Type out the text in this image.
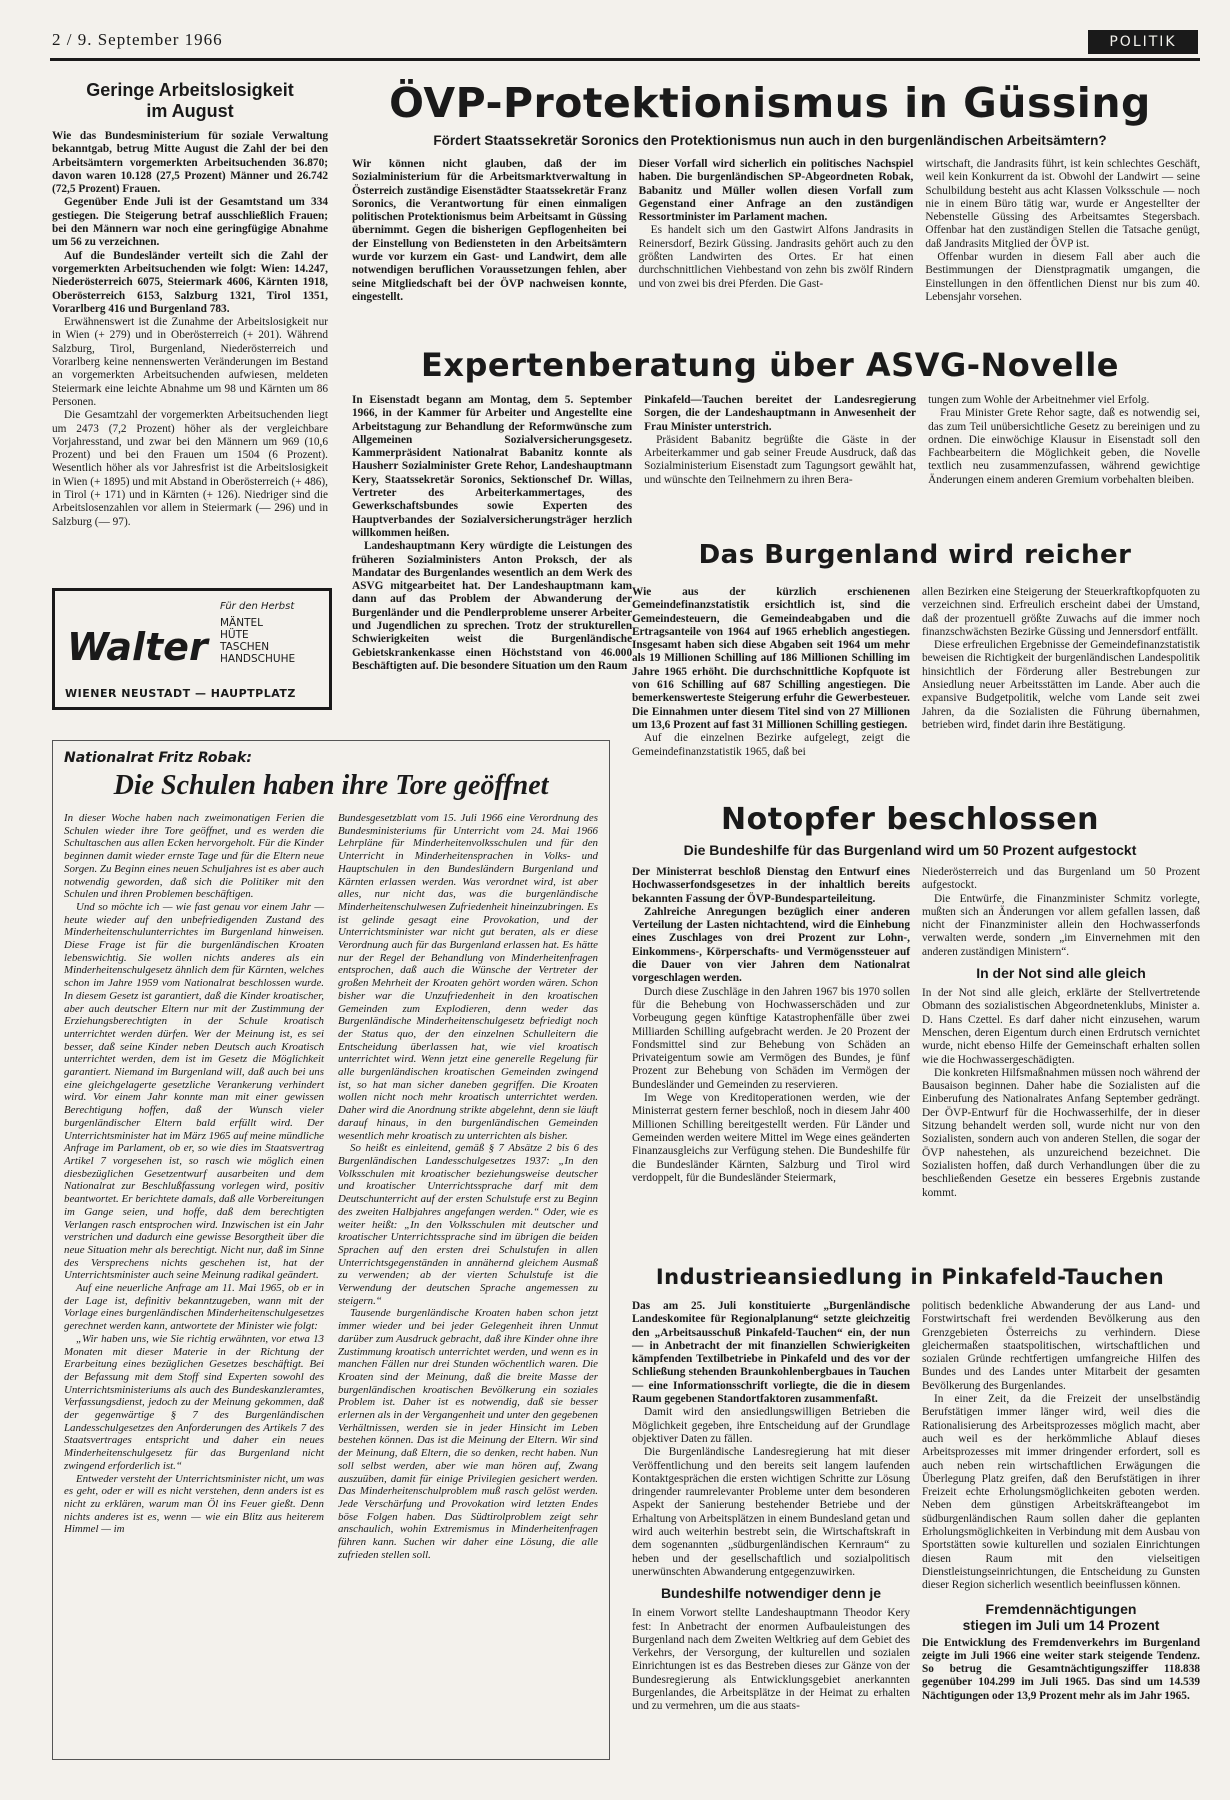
2 / 9. September 1966	POLITIK
Geringe Arbeitslosigkeit
im August

Wie das Bundesministerium für soziale Verwaltung bekanntgab, betrug Mitte August die Zahl der bei den Arbeitsämtern vorgemerkten Arbeitsuchenden 36.870; davon waren 10.128 (27,5 Prozent) Männer und 26.742 (72,5 Prozent) Frauen.

Gegenüber Ende Juli ist der Gesamtstand um 334 gestiegen. Die Steigerung betraf ausschließlich Frauen; bei den Männern war noch eine geringfügige Abnahme um 56 zu verzeichnen.

Auf die Bundesländer verteilt sich die Zahl der vorgemerkten Arbeitsuchenden wie folgt: Wien: 14.247, Niederösterreich 6075, Steiermark 4606, Kärnten 1918, Oberösterreich 6153, Salzburg 1321, Tirol 1351, Vorarlberg 416 und Burgenland 783.

Erwähnenswert ist die Zunahme der Arbeitslosigkeit nur in Wien (+ 279) und in Oberösterreich (+ 201). Während Salzburg, Tirol, Burgenland, Niederösterreich und Vorarlberg keine nennenswerten Veränderungen im Bestand an vorgemerkten Arbeitsuchenden aufwiesen, meldeten Steiermark eine leichte Abnahme um 98 und Kärnten um 86 Personen.

Die Gesamtzahl der vorgemerkten Arbeitsuchenden liegt um 2473 (7,2 Prozent) höher als der vergleichbare Vorjahresstand, und zwar bei den Männern um 969 (10,6 Prozent) und bei den Frauen um 1504 (6 Prozent). Wesentlich höher als vor Jahresfrist ist die Arbeitslosigkeit in Wien (+ 1895) und mit Abstand in Oberösterreich (+ 486), in Tirol (+ 171) und in Kärnten (+ 126). Niedriger sind die Arbeitslosenzahlen vor allem in Steiermark (— 296) und in Salzburg (— 97).

Für den Herbst
MÄNTEL
HÜTE
TASCHEN
HANDSCHUHE
Walter
WIENER NEUSTADT — HAUPTPLATZ
ÖVP-Protektionismus in Güssing
Fördert Staatssekretär Soronics den Protektionismus nun auch in den burgenländischen Arbeitsämtern?

Wir können nicht glauben, daß der im Sozialministerium für die Arbeitsmarktverwaltung in Österreich zuständige Eisenstädter Staatssekretär Franz Soronics, die Verantwortung für einen einmaligen politischen Protektionismus beim Arbeitsamt in Güssing übernimmt. Gegen die bisherigen Gepflogenheiten bei der Einstellung von Bediensteten in den Arbeitsämtern wurde vor kurzem ein Gast- und Landwirt, dem alle notwendigen beruflichen Voraussetzungen fehlen, aber seine Mitgliedschaft bei der ÖVP nachweisen konnte, eingestellt.

Dieser Vorfall wird sicherlich ein politisches Nachspiel haben. Die burgenländischen SP-Abgeordneten Robak, Babanitz und Müller wollen diesen Vorfall zum Gegenstand einer Anfrage an den zuständigen Ressortminister im Parlament machen.

Es handelt sich um den Gastwirt Alfons Jandrasits in Reinersdorf, Bezirk Güssing. Jandrasits gehört auch zu den größten Landwirten des Ortes. Er hat einen durchschnittlichen Viehbestand von zehn bis zwölf Rindern und von zwei bis drei Pferden. Die Gast-

wirtschaft, die Jandrasits führt, ist kein schlechtes Geschäft, weil kein Konkurrent da ist. Obwohl der Landwirt — seine Schulbildung besteht aus acht Klassen Volksschule — noch nie in einem Büro tätig war, wurde er Angestellter der Nebenstelle Güssing des Arbeitsamtes Stegersbach. Offenbar hat den zuständigen Stellen die Tatsache genügt, daß Jandrasits Mitglied der ÖVP ist.

Offenbar wurden in diesem Fall aber auch die Bestimmungen der Dienstpragmatik umgangen, die Einstellungen in den öffentlichen Dienst nur bis zum 40. Lebensjahr vorsehen.

Expertenberatung über ASVG-Novelle

In Eisenstadt begann am Montag, dem 5. September 1966, in der Kammer für Arbeiter und Angestellte eine Arbeitstagung zur Behandlung der Reformwünsche zum Allgemeinen Sozialversicherungsgesetz. Kammerpräsident Nationalrat Babanitz konnte als Hausherr Sozialminister Grete Rehor, Landeshauptmann Kery, Staatssekretär Soronics, Sektionschef Dr. Willas, Vertreter des Arbeiterkammertages, des Gewerkschaftsbundes sowie Experten des Hauptverbandes der Sozialversicherungsträger herzlich willkommen heißen.

Landeshauptmann Kery würdigte die Leistungen des früheren Sozialministers Anton Proksch, der als Mandatar des Burgenlandes wesentlich an dem Werk des ASVG mitgearbeitet hat. Der Landeshauptmann kam dann auf das Problem der Abwanderung der Burgenländer und die Pendlerprobleme unserer Arbeiter und Jugendlichen zu sprechen. Trotz der strukturellen Schwierigkeiten weist die Burgenländische Gebietskrankenkasse einen Höchststand von 46.000 Beschäftigten auf. Die besondere Situation um den Raum

Pinkafeld—Tauchen bereitet der Landesregierung Sorgen, die der Landeshauptmann in Anwesenheit der Frau Minister unterstrich.

Präsident Babanitz begrüßte die Gäste in der Arbeiterkammer und gab seiner Freude Ausdruck, daß das Sozialministerium Eisenstadt zum Tagungsort gewählt hat, und wünschte den Teilnehmern zu ihren Bera-

tungen zum Wohle der Arbeitnehmer viel Erfolg.

Frau Minister Grete Rehor sagte, daß es notwendig sei, das zum Teil unübersichtliche Gesetz zu bereinigen und zu ordnen. Die einwöchige Klausur in Eisenstadt soll den Fachbearbeitern die Möglichkeit geben, die Novelle textlich neu zusammenzufassen, während gewichtige Änderungen einem anderen Gremium vorbehalten bleiben.

Das Burgenland wird reicher

Wie aus der kürzlich erschienenen Gemeindefinanzstatistik ersichtlich ist, sind die Gemeindesteuern, die Gemeindeabgaben und die Ertragsanteile von 1964 auf 1965 erheblich angestiegen. Insgesamt haben sich diese Abgaben seit 1964 um mehr als 19 Millionen Schilling auf 186 Millionen Schilling im Jahre 1965 erhöht. Die durchschnittliche Kopfquote ist von 616 Schilling auf 687 Schilling angestiegen. Die bemerkenswerteste Steigerung erfuhr die Gewerbesteuer. Die Einnahmen unter diesem Titel sind von 27 Millionen um 13,6 Prozent auf fast 31 Millionen Schilling gestiegen.

Auf die einzelnen Bezirke aufgelegt, zeigt die Gemeindefinanzstatistik 1965, daß bei

allen Bezirken eine Steigerung der Steuerkraftkopfquoten zu verzeichnen sind. Erfreulich erscheint dabei der Umstand, daß der prozentuell größte Zuwachs auf die immer noch finanzschwächsten Bezirke Güssing und Jennersdorf entfällt.

Diese erfreulichen Ergebnisse der Gemeindefinanzstatistik beweisen die Richtigkeit der burgenländischen Landespolitik hinsichtlich der Förderung aller Bestrebungen zur Ansiedlung neuer Arbeitsstätten im Lande. Aber auch die expansive Budgetpolitik, welche vom Lande seit zwei Jahren, da die Sozialisten die Führung übernahmen, betrieben wird, findet darin ihre Bestätigung.

Nationalrat Fritz Robak:
Die Schulen haben ihre Tore geöffnet

In dieser Woche haben nach zweimonatigen Ferien die Schulen wieder ihre Tore geöffnet, und es werden die Schultaschen aus allen Ecken hervorgeholt. Für die Kinder beginnen damit wieder ernste Tage und für die Eltern neue Sorgen. Zu Beginn eines neuen Schuljahres ist es aber auch notwendig geworden, daß sich die Politiker mit den Schulen und ihren Problemen beschäftigen.

Und so möchte ich — wie fast genau vor einem Jahr — heute wieder auf den unbefriedigenden Zustand des Minderheitenschulunterrichtes im Burgenland hinweisen. Diese Frage ist für die burgenländischen Kroaten lebenswichtig. Sie wollen nichts anderes als ein Minderheitenschulgesetz ähnlich dem für Kärnten, welches schon im Jahre 1959 vom Nationalrat beschlossen wurde. In diesem Gesetz ist garantiert, daß die Kinder kroatischer, aber auch deutscher Eltern nur mit der Zustimmung der Erziehungsberechtigten in der Schule kroatisch unterrichtet werden dürfen. Wer der Meinung ist, es sei besser, daß seine Kinder neben Deutsch auch Kroatisch unterrichtet werden, dem ist im Gesetz die Möglichkeit garantiert. Niemand im Burgenland will, daß auch bei uns eine gleichgelagerte gesetzliche Verankerung verhindert wird. Vor einem Jahr konnte man mit einer gewissen Berechtigung hoffen, daß der Wunsch vieler burgenländischer Eltern bald erfüllt wird. Der Unterrichtsminister hat im März 1965 auf meine mündliche Anfrage im Parlament, ob er, so wie dies im Staatsvertrag Artikel 7 vorgesehen ist, so rasch wie möglich einen diesbezüglichen Gesetzentwurf ausarbeiten und dem Nationalrat zur Beschlußfassung vorlegen wird, positiv beantwortet. Er berichtete damals, daß alle Vorbereitungen im Gange seien, und hoffe, daß dem berechtigten Verlangen rasch entsprochen wird. Inzwischen ist ein Jahr verstrichen und dadurch eine gewisse Besorgtheit über die neue Situation mehr als berechtigt. Nicht nur, daß im Sinne des Versprechens nichts geschehen ist, hat der Unterrichtsminister auch seine Meinung radikal geändert.

Auf eine neuerliche Anfrage am 11. Mai 1965, ob er in der Lage ist, definitiv bekanntzugeben, wann mit der Vorlage eines burgenländischen Minderheitenschulgesetzes gerechnet werden kann, antwortete der Minister wie folgt:

„Wir haben uns, wie Sie richtig erwähnten, vor etwa 13 Monaten mit dieser Materie in der Richtung der Erarbeitung eines bezüglichen Gesetzes beschäftigt. Bei der Befassung mit dem Stoff sind Experten sowohl des Unterrichtsministeriums als auch des Bundeskanzleramtes, Verfassungsdienst, jedoch zu der Meinung gekommen, daß der gegenwärtige § 7 des Burgenländischen Landesschulgesetzes den Anforderungen des Artikels 7 des Staatsvertrages entspricht und daher ein neues Minderheitenschulgesetz für das Burgenland nicht zwingend erforderlich ist.“

Entweder versteht der Unterrichtsminister nicht, um was es geht, oder er will es nicht verstehen, denn anders ist es nicht zu erklären, warum man Öl ins Feuer gießt. Denn nichts anderes ist es, wenn — wie ein Blitz aus heiterem Himmel — im

Bundesgesetzblatt vom 15. Juli 1966 eine Verordnung des Bundesministeriums für Unterricht vom 24. Mai 1966 Lehrpläne für Minderheitenvolksschulen und für den Unterricht in Minderheitensprachen in Volks- und Hauptschulen in den Bundesländern Burgenland und Kärnten erlassen werden. Was verordnet wird, ist aber alles, nur nicht das, was die burgenländische Minderheitenschulwesen Zufriedenheit hineinzubringen. Es ist gelinde gesagt eine Provokation, und der Unterrichtsminister war nicht gut beraten, als er diese Verordnung auch für das Burgenland erlassen hat. Es hätte nur der Regel der Behandlung von Minderheitenfragen entsprochen, daß auch die Wünsche der Vertreter der großen Mehrheit der Kroaten gehört worden wären. Schon bisher war die Unzufriedenheit in den kroatischen Gemeinden zum Explodieren, denn weder das Burgenländische Minderheitenschulgesetz befriedigt noch der Status quo, der den einzelnen Schulleitern die Entscheidung überlassen hat, wie viel kroatisch unterrichtet wird. Wenn jetzt eine generelle Regelung für alle burgenländischen kroatischen Gemeinden zwingend ist, so hat man sicher daneben gegriffen. Die Kroaten wollen nicht noch mehr kroatisch unterrichtet werden. Daher wird die Anordnung strikte abgelehnt, denn sie läuft darauf hinaus, in den burgenländischen Gemeinden wesentlich mehr kroatisch zu unterrichten als bisher.

So heißt es einleitend, gemäß § 7 Absätze 2 bis 6 des Burgenländischen Landesschulgesetzes 1937: „In den Volksschulen mit kroatischer beziehungsweise deutscher und kroatischer Unterrichtssprache darf mit dem Deutschunterricht auf der ersten Schulstufe erst zu Beginn des zweiten Halbjahres angefangen werden.“ Oder, wie es weiter heißt: „In den Volksschulen mit deutscher und kroatischer Unterrichtssprache sind im übrigen die beiden Sprachen auf den ersten drei Schulstufen in allen Unterrichtsgegenständen in annähernd gleichem Ausmaß zu verwenden; ab der vierten Schulstufe ist die Verwendung der deutschen Sprache angemessen zu steigern.“

Tausende burgenländische Kroaten haben schon jetzt immer wieder und bei jeder Gelegenheit ihren Unmut darüber zum Ausdruck gebracht, daß ihre Kinder ohne ihre Zustimmung kroatisch unterrichtet werden, und wenn es in manchen Fällen nur drei Stunden wöchentlich waren. Die Kroaten sind der Meinung, daß die breite Masse der burgenländischen kroatischen Bevölkerung ein soziales Problem ist. Daher ist es notwendig, daß sie besser erlernen als in der Vergangenheit und unter den gegebenen Verhältnissen, werden sie in jeder Hinsicht im Leben bestehen können. Das ist die Meinung der Eltern. Wir sind der Meinung, daß Eltern, die so denken, recht haben. Nun soll selbst werden, aber wie man hören auf, Zwang auszuüben, damit für einige Privilegien gesichert werden. Das Minderheitenschulproblem muß rasch gelöst werden. Jede Verschärfung und Provokation wird letzten Endes böse Folgen haben. Das Südtirolproblem zeigt sehr anschaulich, wohin Extremismus in Minderheitenfragen führen kann. Suchen wir daher eine Lösung, die alle zufrieden stellen soll.

Notopfer beschlossen
Die Bundeshilfe für das Burgenland wird um 50 Prozent aufgestockt

Der Ministerrat beschloß Dienstag den Entwurf eines Hochwasserfondsgesetzes in der inhaltlich bereits bekannten Fassung der ÖVP-Bundesparteileitung.

Zahlreiche Anregungen bezüglich einer anderen Verteilung der Lasten nichtachtend, wird die Einhebung eines Zuschlages von drei Prozent zur Lohn-, Einkommens-, Körperschafts- und Vermögenssteuer auf die Dauer von vier Jahren dem Nationalrat vorgeschlagen werden.

Durch diese Zuschläge in den Jahren 1967 bis 1970 sollen für die Behebung von Hochwasserschäden und zur Vorbeugung gegen künftige Katastrophenfälle über zwei Milliarden Schilling aufgebracht werden. Je 20 Prozent der Fondsmittel sind zur Behebung von Schäden an Privateigentum sowie am Vermögen des Bundes, je fünf Prozent zur Behebung von Schäden im Vermögen der Bundesländer und Gemeinden zu reservieren.

Im Wege von Kreditoperationen werden, wie der Ministerrat gestern ferner beschloß, noch in diesem Jahr 400 Millionen Schilling bereitgestellt werden. Für Länder und Gemeinden werden weitere Mittel im Wege eines geänderten Finanzausgleichs zur Verfügung stehen. Die Bundeshilfe für die Bundesländer Kärnten, Salzburg und Tirol wird verdoppelt, für die Bundesländer Steiermark,

Niederösterreich und das Burgenland um 50 Prozent aufgestockt.

Die Entwürfe, die Finanzminister Schmitz vorlegte, mußten sich an Änderungen vor allem gefallen lassen, daß nicht der Finanzminister allein den Hochwasserfonds verwalten werde, sondern „im Einvernehmen mit den anderen zuständigen Ministern“.

In der Not sind alle gleich

In der Not sind alle gleich, erklärte der Stellvertretende Obmann des sozialistischen Abgeordnetenklubs, Minister a. D. Hans Czettel. Es darf daher nicht einzusehen, warum Menschen, deren Eigentum durch einen Erdrutsch vernichtet wurde, nicht ebenso Hilfe der Gemeinschaft erhalten sollen wie die Hochwassergeschädigten.

Die konkreten Hilfsmaßnahmen müssen noch während der Bausaison beginnen. Daher habe die Sozialisten auf die Einberufung des Nationalrates Anfang September gedrängt. Der ÖVP-Entwurf für die Hochwasserhilfe, der in dieser Sitzung behandelt werden soll, wurde nicht nur von den Sozialisten, sondern auch von anderen Stellen, die sogar der ÖVP nahestehen, als unzureichend bezeichnet. Die Sozialisten hoffen, daß durch Verhandlungen über die zu beschließenden Gesetze ein besseres Ergebnis zustande kommt.

Industrieansiedlung in Pinkafeld-Tauchen

Das am 25. Juli konstituierte „Burgenländische Landeskomitee für Regionalplanung“ setzte gleichzeitig den „Arbeitsausschuß Pinkafeld-Tauchen“ ein, der nun — in Anbetracht der mit finanziellen Schwierigkeiten kämpfenden Textilbetriebe in Pinkafeld und des vor der Schließung stehenden Braunkohlenbergbaues in Tauchen — eine Informationsschrift vorliegte, die die in diesem Raum gegebenen Standortfaktoren zusammenfaßt.

Damit wird den ansiedlungswilligen Betrieben die Möglichkeit gegeben, ihre Entscheidung auf der Grundlage objektiver Daten zu fällen.

Die Burgenländische Landesregierung hat mit dieser Veröffentlichung und den bereits seit langem laufenden Kontaktgesprächen die ersten wichtigen Schritte zur Lösung dringender raumrelevanter Probleme unter dem besonderen Aspekt der Sanierung bestehender Betriebe und der Erhaltung von Arbeitsplätzen in einem Bundesland getan und wird auch weiterhin bestrebt sein, die Wirtschaftskraft in dem sogenannten „südburgenländischen Kernraum“ zu heben und der gesellschaftlich und sozialpolitisch unerwünschten Abwanderung entgegenzuwirken.

Bundeshilfe notwendiger denn je

In einem Vorwort stellte Landeshauptmann Theodor Kery fest: In Anbetracht der enormen Aufbauleistungen des Burgenland nach dem Zweiten Weltkrieg auf dem Gebiet des Verkehrs, der Versorgung, der kulturellen und sozialen Einrichtungen ist es das Bestreben dieses zur Gänze von der Bundesregierung als Entwicklungsgebiet anerkannten Burgenlandes, die Arbeitsplätze in der Heimat zu erhalten und zu vermehren, um die aus staats-

politisch bedenkliche Abwanderung der aus Land- und Forstwirtschaft frei werdenden Bevölkerung aus den Grenzgebieten Österreichs zu verhindern. Diese gleichermaßen staatspolitischen, wirtschaftlichen und sozialen Gründe rechtfertigen umfangreiche Hilfen des Bundes und des Landes unter Mitarbeit der gesamten Bevölkerung des Burgenlandes.

In einer Zeit, da die Freizeit der unselbständig Berufstätigen immer länger wird, weil dies die Rationalisierung des Arbeitsprozesses möglich macht, aber auch weil es der herkömmliche Ablauf dieses Arbeitsprozesses mit immer dringender erfordert, soll es auch neben rein wirtschaftlichen Erwägungen die Überlegung Platz greifen, daß den Berufstätigen in ihrer Freizeit echte Erholungsmöglichkeiten geboten werden. Neben dem günstigen Arbeitskräfteangebot im südburgenländischen Raum sollen daher die geplanten Erholungsmöglichkeiten in Verbindung mit dem Ausbau von Sportstätten sowie kulturellen und sozialen Einrichtungen diesen Raum mit den vielseitigen Dienstleistungseinrichtungen, die Entscheidung zu Gunsten dieser Region sicherlich wesentlich beeinflussen können.

Fremdennächtigungen
stiegen im Juli um 14 Prozent

Die Entwicklung des Fremdenverkehrs im Burgenland zeigte im Juli 1966 eine weiter stark steigende Tendenz. So betrug die Gesamtnächtigungsziffer 118.838 gegenüber 104.299 im Juli 1965. Das sind um 14.539 Nächtigungen oder 13,9 Prozent mehr als im Jahr 1965.
